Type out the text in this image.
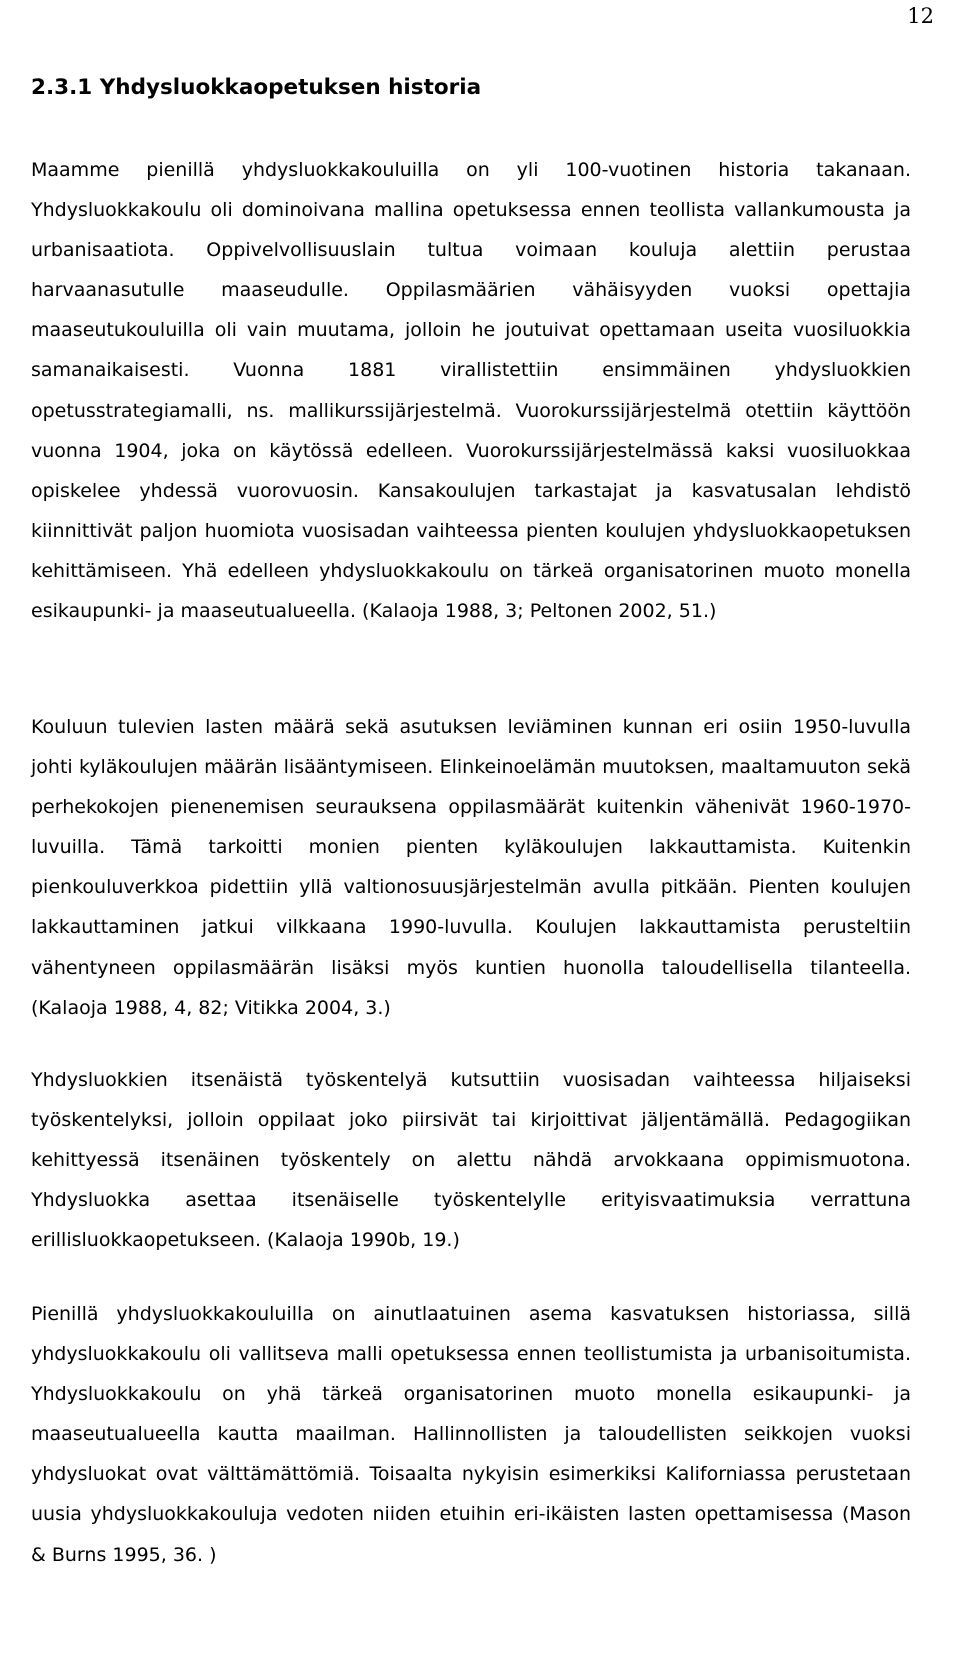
12
2.3.1 Yhdysluokkaopetuksen historia

Maamme pienillä yhdysluokkakouluilla on yli 100-vuotinen historia takanaan. Yhdysluokkakoulu oli dominoivana mallina opetuksessa ennen teollista vallankumousta ja urbanisaatiota. Oppivelvollisuuslain tultua voimaan kouluja alettiin perustaa harvaanasutulle maaseudulle. Oppilasmäärien vähäisyyden vuoksi opettajia maaseutukouluilla oli vain muutama, jolloin he joutuivat opettamaan useita vuosiluokkia samanaikaisesti. Vuonna 1881 virallistettiin ensimmäinen yhdysluokkien opetusstrategiamalli, ns. mallikurssijärjestelmä. Vuorokurssijärjestelmä otettiin käyttöön vuonna 1904, joka on käytössä edelleen. Vuorokurssijärjestelmässä kaksi vuosiluokkaa opiskelee yhdessä vuorovuosin. Kansakoulujen tarkastajat ja kasvatusalan lehdistö kiinnittivät paljon huomiota vuosisadan vaihteessa pienten koulujen yhdysluokkaopetuksen kehittämiseen. Yhä edelleen yhdysluokkakoulu on tärkeä organisatorinen muoto monella esikaupunki- ja maaseutualueella. (Kalaoja 1988, 3; Peltonen 2002, 51.)

Kouluun tulevien lasten määrä sekä asutuksen leviäminen kunnan eri osiin 1950-luvulla johti kyläkoulujen määrän lisääntymiseen. Elinkeinoelämän muutoksen, maaltamuuton sekä perhekokojen pienenemisen seurauksena oppilasmäärät kuitenkin vähenivät 1960-1970-luvuilla. Tämä tarkoitti monien pienten kyläkoulujen lakkauttamista. Kuitenkin pienkouluverkkoa pidettiin yllä valtionosuusjärjestelmän avulla pitkään. Pienten koulujen lakkauttaminen jatkui vilkkaana 1990-luvulla. Koulujen lakkauttamista perusteltiin vähentyneen oppilasmäärän lisäksi myös kuntien huonolla taloudellisella tilanteella. (Kalaoja 1988, 4, 82; Vitikka 2004, 3.)

Yhdysluokkien itsenäistä työskentelyä kutsuttiin vuosisadan vaihteessa hiljaiseksi työskentelyksi, jolloin oppilaat joko piirsivät tai kirjoittivat jäljentämällä. Pedagogiikan kehittyessä itsenäinen työskentely on alettu nähdä arvokkaana oppimismuotona. Yhdysluokka asettaa itsenäiselle työskentelylle erityisvaatimuksia verrattuna erillisluokkaopetukseen. (Kalaoja 1990b, 19.)

Pienillä yhdysluokkakouluilla on ainutlaatuinen asema kasvatuksen historiassa, sillä yhdysluokkakoulu oli vallitseva malli opetuksessa ennen teollistumista ja urbanisoitumista. Yhdysluokkakoulu on yhä tärkeä organisatorinen muoto monella esikaupunki- ja maaseutualueella kautta maailman. Hallinnollisten ja taloudellisten seikkojen vuoksi yhdysluokat ovat välttämättömiä. Toisaalta nykyisin esimerkiksi Kaliforniassa perustetaan uusia yhdysluokkakouluja vedoten niiden etuihin eri-ikäisten lasten opettamisessa (Mason & Burns 1995, 36. )
